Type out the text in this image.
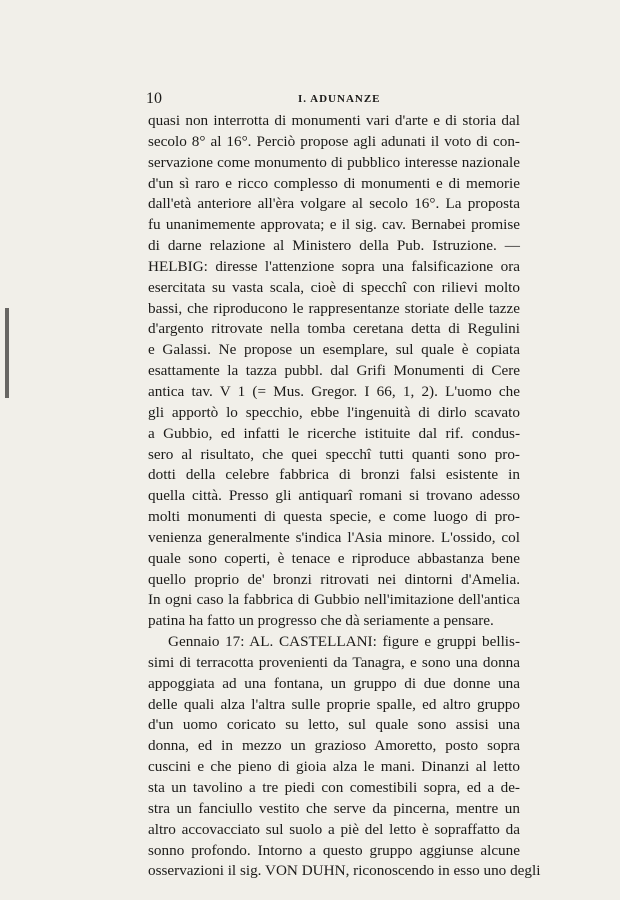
10	I. ADUNANZE
quasi non interrotta di monumenti vari d'arte e di storia dal
secolo 8° al 16°. Perciò propose agli adunati il voto di con-
servazione come monumento di pubblico interesse nazionale
d'un sì raro e ricco complesso di monumenti e di memorie
dall'età anteriore all'èra volgare al secolo 16°. La proposta
fu unanimemente approvata; e il sig. cav. Bernabei promise
di darne relazione al Ministero della Pub. Istruzione. —
HELBIG: diresse l'attenzione sopra una falsificazione ora
esercitata su vasta scala, cioè di specchî con rilievi molto
bassi, che riproducono le rappresentanze storiate delle tazze
d'argento ritrovate nella tomba ceretana detta di Regulini
e Galassi. Ne propose un esemplare, sul quale è copiata
esattamente la tazza pubbl. dal Grifi Monumenti di Cere
antica tav. V 1 (= Mus. Gregor. I 66, 1, 2). L'uomo che
gli apportò lo specchio, ebbe l'ingenuità di dirlo scavato
a Gubbio, ed infatti le ricerche istituite dal rif. condus-
sero al risultato, che quei specchî tutti quanti sono pro-
dotti della celebre fabbrica di bronzi falsi esistente in
quella città. Presso gli antiquarî romani si trovano adesso
molti monumenti di questa specie, e come luogo di pro-
venienza generalmente s'indica l'Asia minore. L'ossido, col
quale sono coperti, è tenace e riproduce abbastanza bene
quello proprio de' bronzi ritrovati nei dintorni d'Amelia.
In ogni caso la fabbrica di Gubbio nell'imitazione dell'antica
patina ha fatto un progresso che dà seriamente a pensare.
Gennaio 17: AL. CASTELLANI: figure e gruppi bellis-
simi di terracotta provenienti da Tanagra, e sono una donna
appoggiata ad una fontana, un gruppo di due donne una
delle quali alza l'altra sulle proprie spalle, ed altro gruppo
d'un uomo coricato su letto, sul quale sono assisi una
donna, ed in mezzo un grazioso Amoretto, posto sopra
cuscini e che pieno di gioia alza le mani. Dinanzi al letto
sta un tavolino a tre piedi con comestibili sopra, ed a de-
stra un fanciullo vestito che serve da pincerna, mentre un
altro accovacciato sul suolo a piè del letto è sopraffatto da
sonno profondo. Intorno a questo gruppo aggiunse alcune
osservazioni il sig. VON DUHN, riconoscendo in esso uno degli
